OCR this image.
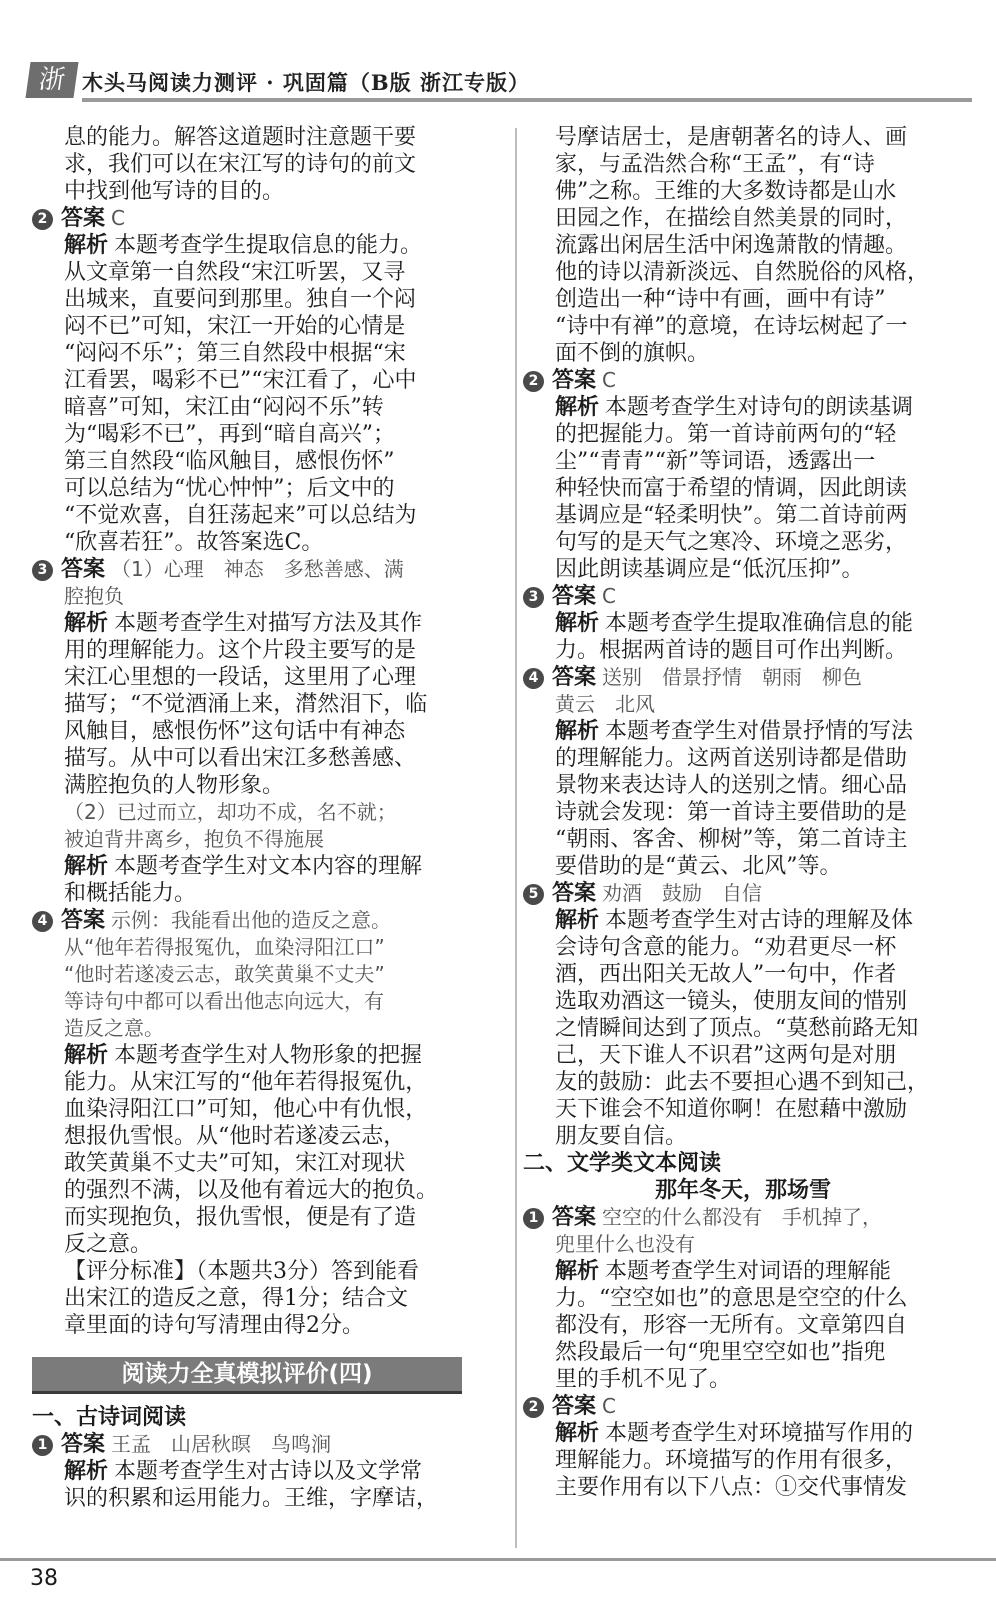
浙 木头马阅读力测评 · 巩固篇（B版 浙江专版）
息的能力。解答这道题时注意题干要
求，我们可以在宋江写的诗句的前文
中找到他写诗的目的。
2 答案 C
解析 本题考查学生提取信息的能力。
从文章第一自然段“宋江听罢，又寻
出城来，直要问到那里。独自一个闷
闷不已”可知，宋江一开始的心情是
“闷闷不乐”；第三自然段中根据“宋
江看罢，喝彩不已”“宋江看了，心中
暗喜”可知，宋江由“闷闷不乐”转
为“喝彩不已”，再到“暗自高兴”；
第三自然段“临风触目，感恨伤怀”
可以总结为“忧心忡忡”；后文中的
“不觉欢喜，自狂荡起来”可以总结为
“欣喜若狂”。故答案选C。
3 答案 （1）心理　神态　多愁善感、满
腔抱负
解析 本题考查学生对描写方法及其作
用的理解能力。这个片段主要写的是
宋江心里想的一段话，这里用了心理
描写；“不觉酒涌上来，潸然泪下，临
风触目，感恨伤怀”这句话中有神态
描写。从中可以看出宋江多愁善感、
满腔抱负的人物形象。
（2）已过而立，却功不成，名不就；
被迫背井离乡，抱负不得施展
解析 本题考查学生对文本内容的理解
和概括能力。
4 答案 示例：我能看出他的造反之意。
从“他年若得报冤仇，血染浔阳江口”
“他时若遂凌云志，敢笑黄巢不丈夫”
等诗句中都可以看出他志向远大，有
造反之意。
解析 本题考查学生对人物形象的把握
能力。从宋江写的“他年若得报冤仇，
血染浔阳江口”可知，他心中有仇恨，
想报仇雪恨。从“他时若遂凌云志，
敢笑黄巢不丈夫”可知，宋江对现状
的强烈不满，以及他有着远大的抱负。
而实现抱负，报仇雪恨，便是有了造
反之意。
【评分标准】（本题共3分）答到能看
出宋江的造反之意，得1分；结合文
章里面的诗句写清理由得2分。
阅读力全真模拟评价(四)
一、古诗词阅读
1 答案 王孟　山居秋暝　鸟鸣涧
解析 本题考查学生对古诗以及文学常
识的积累和运用能力。王维，字摩诘，
号摩诘居士，是唐朝著名的诗人、画
家，与孟浩然合称“王孟”，有“诗
佛”之称。王维的大多数诗都是山水
田园之作，在描绘自然美景的同时，
流露出闲居生活中闲逸萧散的情趣。
他的诗以清新淡远、自然脱俗的风格，
创造出一种“诗中有画，画中有诗”
“诗中有禅”的意境，在诗坛树起了一
面不倒的旗帜。
2 答案 C
解析 本题考查学生对诗句的朗读基调
的把握能力。第一首诗前两句的“轻
尘”“青青”“新”等词语，透露出一
种轻快而富于希望的情调，因此朗读
基调应是“轻柔明快”。第二首诗前两
句写的是天气之寒冷、环境之恶劣，
因此朗读基调应是“低沉压抑”。
3 答案 C
解析 本题考查学生提取准确信息的能
力。根据两首诗的题目可作出判断。
4 答案 送别　借景抒情　朝雨　柳色
黄云　北风
解析 本题考查学生对借景抒情的写法
的理解能力。这两首送别诗都是借助
景物来表达诗人的送别之情。细心品
诗就会发现：第一首诗主要借助的是
“朝雨、客舍、柳树”等，第二首诗主
要借助的是“黄云、北风”等。
5 答案 劝酒　鼓励　自信
解析 本题考查学生对古诗的理解及体
会诗句含意的能力。“劝君更尽一杯
酒，西出阳关无故人”一句中，作者
选取劝酒这一镜头，使朋友间的惜别
之情瞬间达到了顶点。“莫愁前路无知
己，天下谁人不识君”这两句是对朋
友的鼓励：此去不要担心遇不到知己，
天下谁会不知道你啊！在慰藉中激励
朋友要自信。
二、文学类文本阅读
那年冬天，那场雪
1 答案 空空的什么都没有　手机掉了，
兜里什么也没有
解析 本题考查学生对词语的理解能
力。“空空如也”的意思是空空的什么
都没有，形容一无所有。文章第四自
然段最后一句“兜里空空如也”指兜
里的手机不见了。
2 答案 C
解析 本题考查学生对环境描写作用的
理解能力。环境描写的作用有很多，
主要作用有以下八点：①交代事情发
38
